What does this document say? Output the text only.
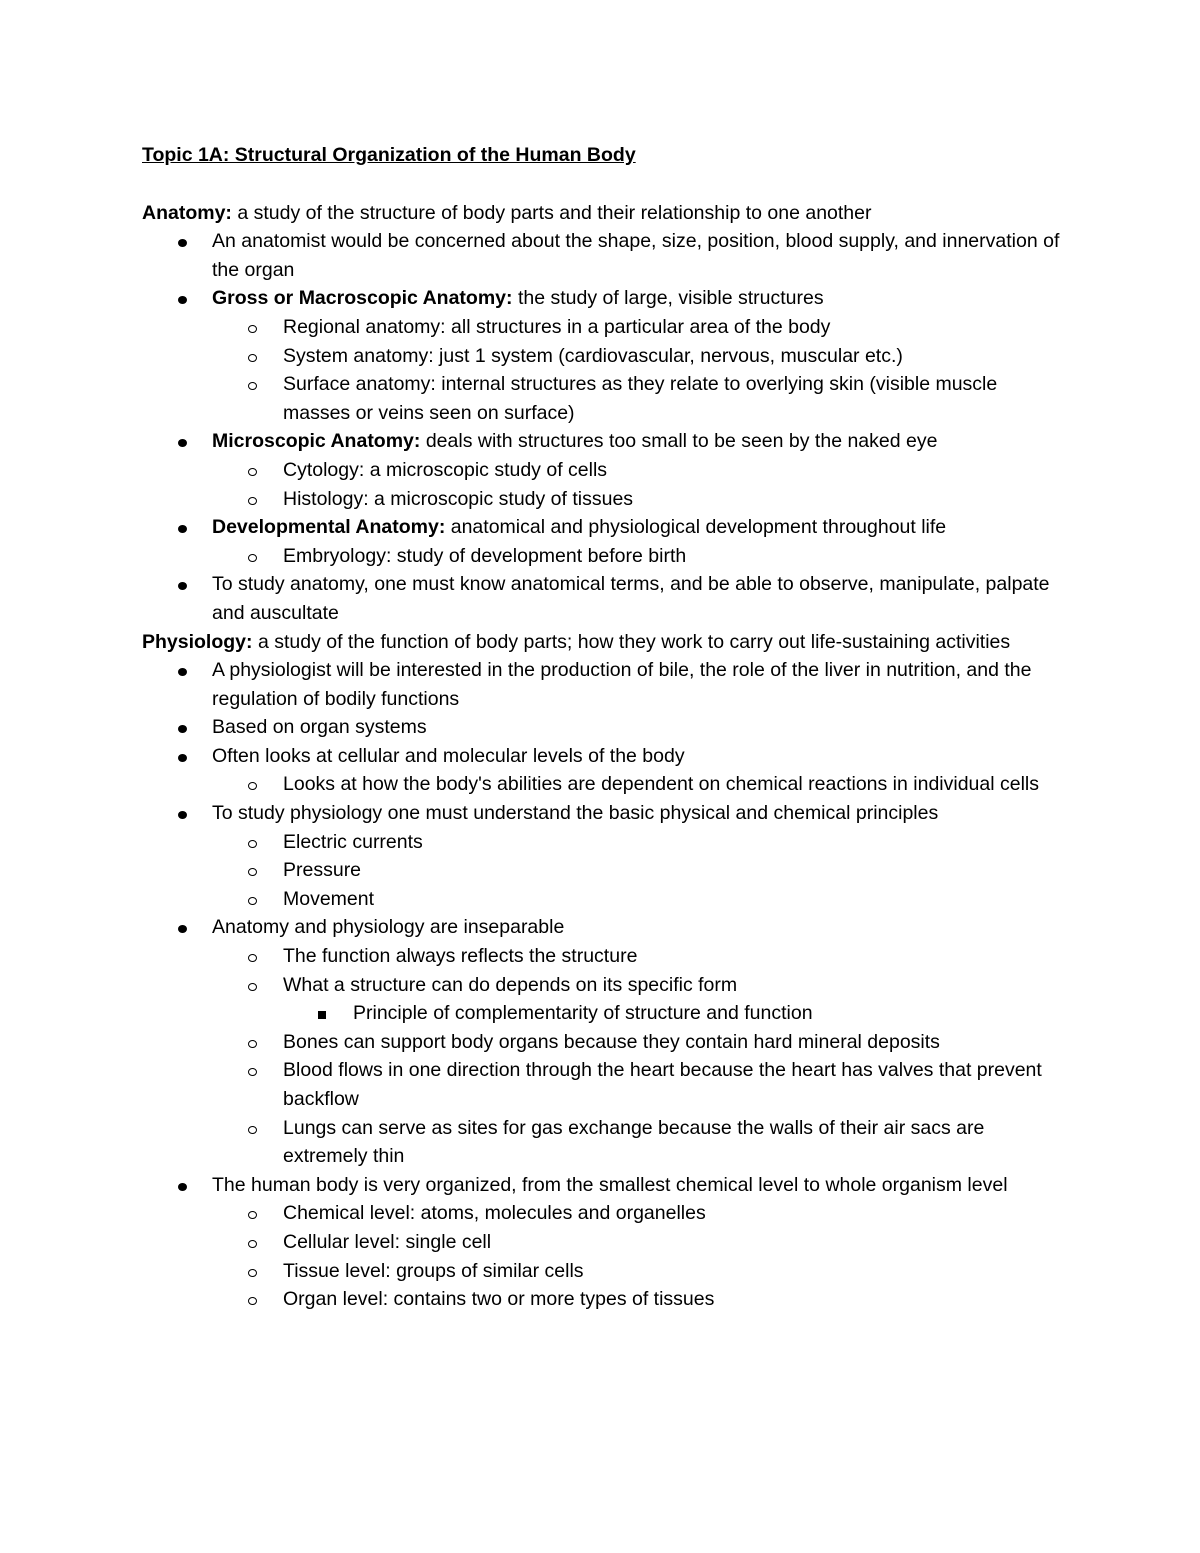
Topic 1A: Structural Organization of the Human Body
Anatomy: a study of the structure of body parts and their relationship to one another
An anatomist would be concerned about the shape, size, position, blood supply, and innervation of the organ
Gross or Macroscopic Anatomy: the study of large, visible structures
Regional anatomy: all structures in a particular area of the body
System anatomy: just 1 system (cardiovascular, nervous, muscular etc.)
Surface anatomy: internal structures as they relate to overlying skin (visible muscle masses or veins seen on surface)
Microscopic Anatomy: deals with structures too small to be seen by the naked eye
Cytology: a microscopic study of cells
Histology: a microscopic study of tissues
Developmental Anatomy: anatomical and physiological development throughout life
Embryology: study of development before birth
To study anatomy, one must know anatomical terms, and be able to observe, manipulate, palpate and auscultate
Physiology: a study of the function of body parts; how they work to carry out life-sustaining activities
A physiologist will be interested in the production of bile, the role of the liver in nutrition, and the regulation of bodily functions
Based on organ systems
Often looks at cellular and molecular levels of the body
Looks at how the body's abilities are dependent on chemical reactions in individual cells
To study physiology one must understand the basic physical and chemical principles
Electric currents
Pressure
Movement
Anatomy and physiology are inseparable
The function always reflects the structure
What a structure can do depends on its specific form
Principle of complementarity of structure and function
Bones can support body organs because they contain hard mineral deposits
Blood flows in one direction through the heart because the heart has valves that prevent backflow
Lungs can serve as sites for gas exchange because the walls of their air sacs are extremely thin
The human body is very organized, from the smallest chemical level to whole organism level
Chemical level: atoms, molecules and organelles
Cellular level: single cell
Tissue level: groups of similar cells
Organ level: contains two or more types of tissues
